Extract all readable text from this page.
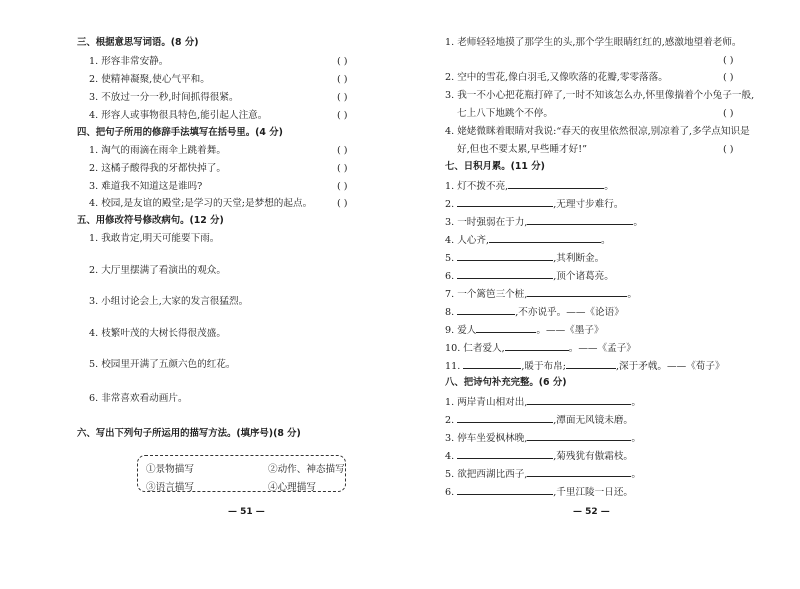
三、根据意思写词语。(8 分)
1. 形容非常安静。	( )
2. 使精神凝聚,使心气平和。	( )
3. 不放过一分一秒,时间抓得很紧。	( )
4. 形容人或事物很具特色,能引起人注意。	( )
四、把句子所用的修辞手法填写在括号里。(4 分)
1. 淘气的雨滴在雨伞上跳着舞。	( )
2. 这橘子酸得我的牙都快掉了。	( )
3. 难道我不知道这是谁吗?	( )
4. 校园,是友谊的殿堂;是学习的天堂;是梦想的起点。	( )
五、用修改符号修改病句。(12 分)
1. 我敢肯定,明天可能要下雨。
2. 大厅里摆满了看演出的观众。
3. 小组讨论会上,大家的发言很猛烈。
4. 枝繁叶茂的大树长得很茂盛。
5. 校园里开满了五颜六色的红花。
6. 非常喜欢看动画片。
六、写出下列句子所运用的描写方法。(填序号)(8 分)
①景物描写	②动作、神态描写
③语言描写	④心理描写
— 51 —
1. 老师轻轻地摸了那学生的头,那个学生眼睛红红的,感激地望着老师。
( )
2. 空中的雪花,像白羽毛,又像吹落的花瓣,零零落落。	( )
3. 我一不小心把花瓶打碎了,一时不知该怎么办,怀里像揣着个小兔子一般,
七上八下地跳个不停。	( )
4. 姥姥微眯着眼睛对我说:“春天的夜里依然很凉,别凉着了,多学点知识是
好,但也不要太累,早些睡才好!”	( )
七、日积月累。(11 分)
1. 灯不拨不亮,	。
2.	,无理寸步难行。
3. 一时强弱在于力,	。
4. 人心齐,	。
5.	,其利断金。
6.	,顶个诸葛亮。
7. 一个篱笆三个桩,	。
8.	,不亦说乎。——《论语》
9. 爱人	。——《墨子》
10. 仁者爱人,	。——《孟子》
11.	,暖于布帛;	,深于矛戟。——《荀子》
八、把诗句补充完整。(6 分)
1. 两岸青山相对出,	。
2.	,潭面无风镜未磨。
3. 停车坐爱枫林晚,	。
4.	,菊残犹有傲霜枝。
5. 欲把西湖比西子,	。
6.	,千里江陵一日还。
— 52 —
